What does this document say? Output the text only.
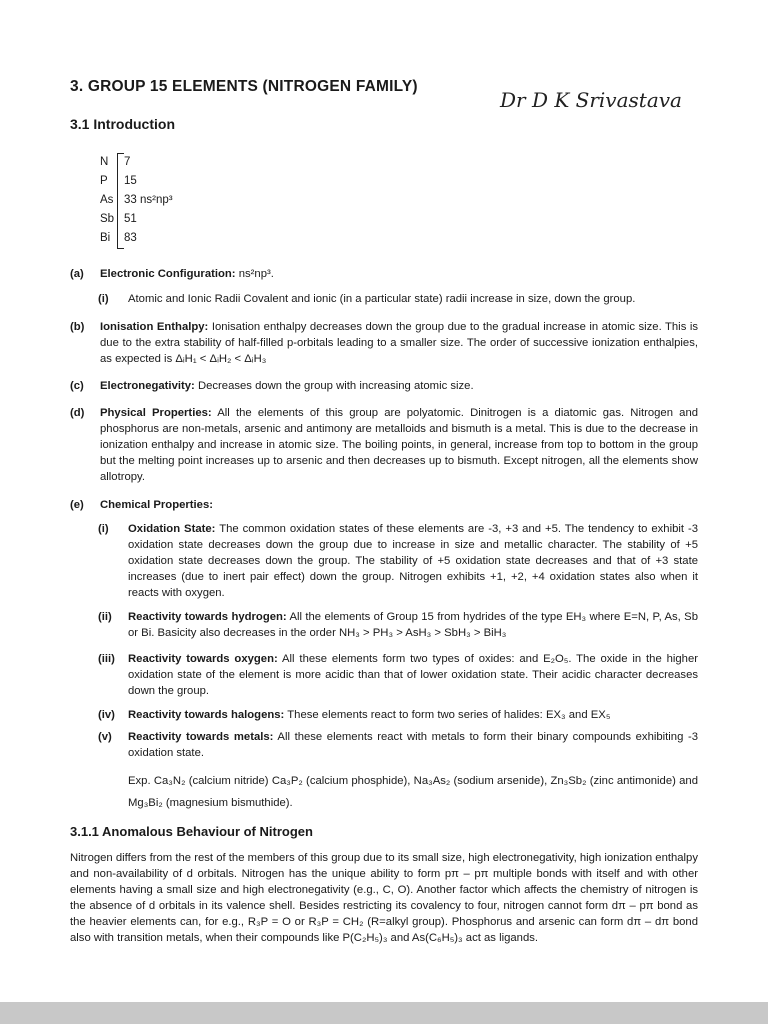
3. GROUP 15 ELEMENTS (NITROGEN FAMILY)
Dr D K Srivastava
3.1 Introduction
N	7
P	15
As 33 ns²np³
Sb 51
Bi	83
(a) Electronic Configuration: ns²np³.
(i) Atomic and Ionic Radii Covalent and ionic (in a particular state) radii increase in size, down the group.
(b) Ionisation Enthalpy: Ionisation enthalpy decreases down the group due to the gradual increase in atomic size. This is due to the extra stability of half-filled p-orbitals leading to a smaller size. The order of successive ionization enthalpies, as expected is ΔᵢH₁ < ΔᵢH₂ < ΔᵢH₃
(c) Electronegativity: Decreases down the group with increasing atomic size.
(d) Physical Properties: All the elements of this group are polyatomic. Dinitrogen is a diatomic gas. Nitrogen and phosphorus are non-metals, arsenic and antimony are metalloids and bismuth is a metal. This is due to the decrease in ionization enthalpy and increase in atomic size. The boiling points, in general, increase from top to bottom in the group but the melting point increases up to arsenic and then decreases up to bismuth. Except nitrogen, all the elements show allotropy.
(e) Chemical Properties:
(i) Oxidation State: The common oxidation states of these elements are -3, +3 and +5. The tendency to exhibit -3 oxidation state decreases down the group due to increase in size and metallic character. The stability of +5 oxidation state decreases down the group. The stability of +5 oxidation state decreases and that of +3 state increases (due to inert pair effect) down the group. Nitrogen exhibits +1, +2, +4 oxidation states also when it reacts with oxygen.
(ii) Reactivity towards hydrogen: All the elements of Group 15 from hydrides of the type EH₃ where E=N, P, As, Sb or Bi. Basicity also decreases in the order NH₃ > PH₃ > AsH₃ > SbH₃ > BiH₃
(iii) Reactivity towards oxygen: All these elements form two types of oxides: and E₂O₅. The oxide in the higher oxidation state of the element is more acidic than that of lower oxidation state. Their acidic character decreases down the group.
(iv) Reactivity towards halogens: These elements react to form two series of halides: EX₃ and EX₅
(v) Reactivity towards metals: All these elements react with metals to form their binary compounds exhibiting -3 oxidation state.
Exp. Ca₃N₂ (calcium nitride) Ca₃P₂ (calcium phosphide), Na₃As₂ (sodium arsenide), Zn₃Sb₂ (zinc antimonide) and Mg₃Bi₂ (magnesium bismuthide).
3.1.1 Anomalous Behaviour of Nitrogen

Nitrogen differs from the rest of the members of this group due to its small size, high electronegativity, high ionization enthalpy and non-availability of d orbitals. Nitrogen has the unique ability to form pπ – pπ multiple bonds with itself and with other elements having a small size and high electronegativity (e.g., C, O). Another factor which affects the chemistry of nitrogen is the absence of d orbitals in its valence shell. Besides restricting its covalency to four, nitrogen cannot form dπ – pπ bond as the heavier elements can, for e.g., R₃P = O or R₃P = CH₂ (R=alkyl group). Phosphorus and arsenic can form dπ – dπ bond also with transition metals, when their compounds like P(C₂H₅)₃ and As(C₆H₅)₃ act as ligands.
